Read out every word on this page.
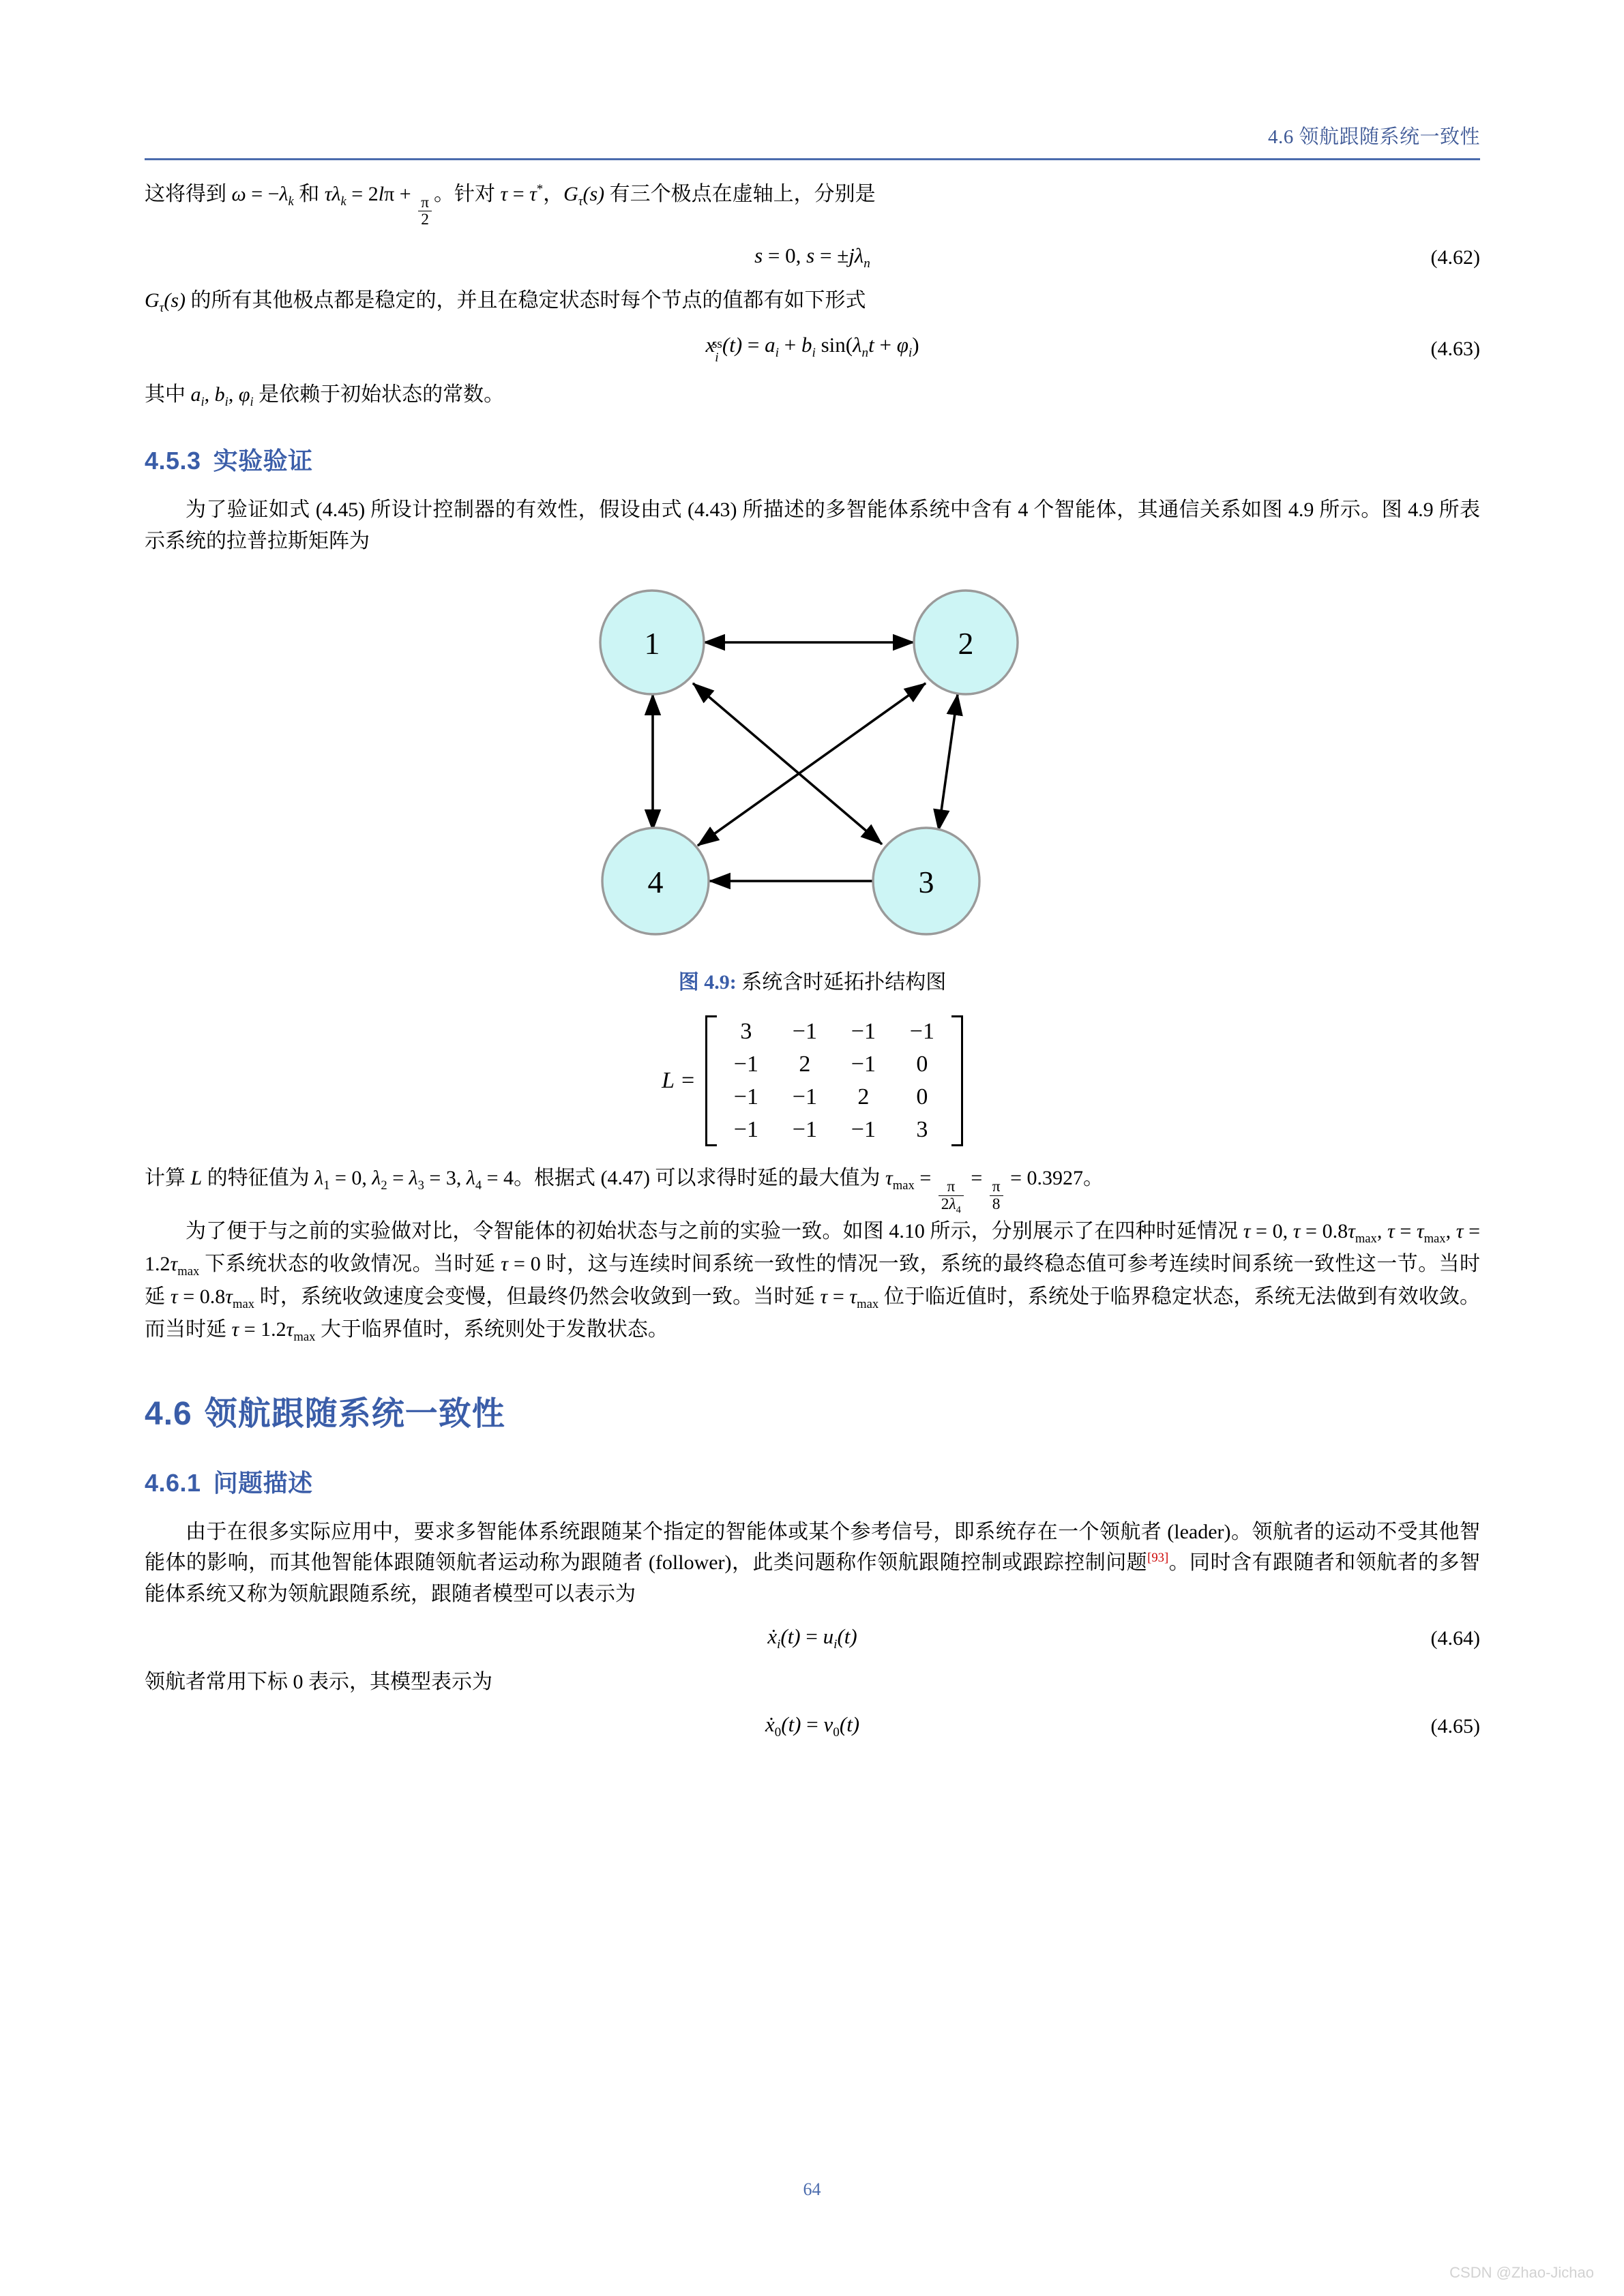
4.6 领航跟随系统一致性

这将得到 $\omega = -\lambda_k$ 和 $\tau\lambda_k = 2l\pi$ +
$\frac{\pi}{2}$
。针对 τ = τ*，$G_\tau(s)$ 有三个极点在虚轴上，分别是

s = 0, $s = \pm j\lambda_n$	(4.62)

$G_\tau(s)$ 的所有其他极点都是稳定的，并且在稳定状态时每个节点的值都有如下形式

$x_i^{ss}(t) = a_i + b_i$ $\sin(\lambda_nt + \varphi_i)$	(4.63)

其中 $a_i$, $b_i$, $\varphi_i$ 是依赖于初始状态的常数。

4.5.3 实验验证

为了验证如式 (4.45) 所设计控制器的有效性，假设由式 (4.43) 所描述的多智能体系统中含有 4 个智能体，其通信关系如图 4.9 所示。图 4.9 所表示系统的拉普拉斯矩阵为

1	2
4	3
图 4.9: 系统含时延拓扑结构图
L =
3	−1	−1	−1
−1	2	−1	0
−1	−1	2	0
−1	−1	−1	3

计算 L 的特征值为 $\lambda_1 = 0$, $\lambda_2 = \lambda_3 = 3$, $\lambda_4 = 4$。根据式 (4.47) 可以求得时延的最大值为 $\tau_{max}$ =
$\frac{\pi}{2\lambda_4}$
=
$\frac{\pi}{8}$
= 0.3927。

为了便于与之前的实验做对比，令智能体的初始状态与之前的实验一致。如图 4.10 所示，分别展示了在四种时延情况 τ = 0, $\tau = 0.8\tau_{max}$, $\tau = \tau_{max}$, $\tau = 1.2\tau_{max}$ 下系统状态的收敛情况。当时延 τ = 0 时，这与连续时间系统一致性的情况一致，系统的最终稳态值可参考连续时间系统一致性这一节。当时延 $\tau = 0.8\tau_{max}$ 时，系统收敛速度会变慢，但最终仍然会收敛到一致。当时延 $\tau = \tau_{max}$ 位于临近值时，系统处于临界稳定状态，系统无法做到有效收敛。而当时延 $\tau = 1.2\tau_{max}$ 大于临界值时，系统则处于发散状态。

4.6 领航跟随系统一致性
4.6.1 问题描述

由于在很多实际应用中，要求多智能体系统跟随某个指定的智能体或某个参考信号，即系统存在一个领航者 (leader)。领航者的运动不受其他智能体的影响，而其他智能体跟随领航者运动称为跟随者 (follower)，此类问题称作领航跟随控制或跟踪控制问题[93]。同时含有跟随者和领航者的多智能体系统又称为领航跟随系统，跟随者模型可以表示为

ẋ$_i$(t) = $u_i(t)$	(4.64)

领航者常用下标 0 表示，其模型表示为

ẋ$_0$(t) = $v_0(t)$	(4.65)
64
CSDN @Zhao-Jichao
